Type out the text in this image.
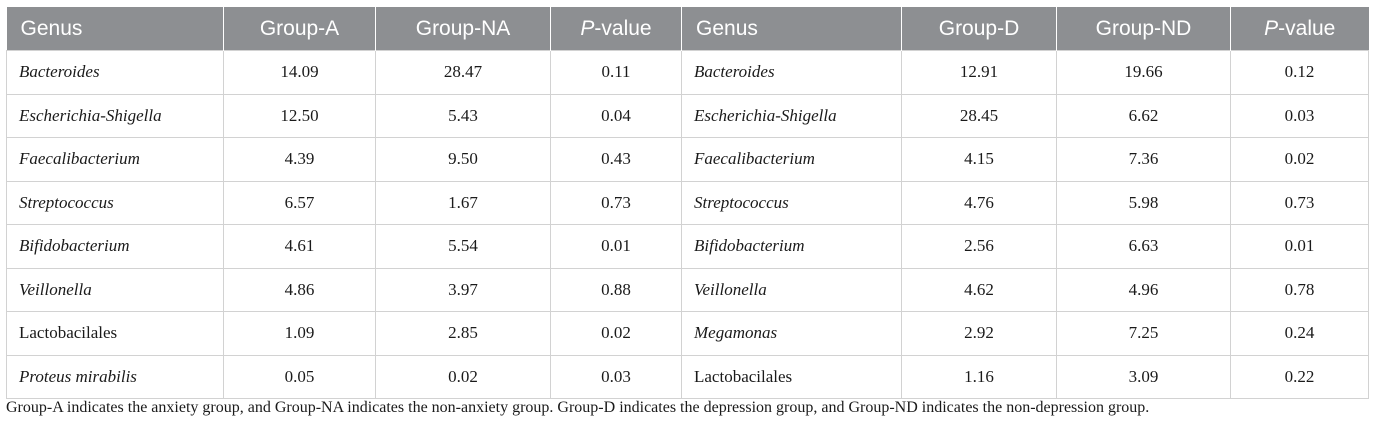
Genus	Group-A	Group-NA	P-value	Genus	Group-D	Group-ND	P-value
Bacteroides	14.09	28.47	0.11	Bacteroides	12.91	19.66	0.12
Escherichia-Shigella	12.50	5.43	0.04	Escherichia-Shigella	28.45	6.62	0.03
Faecalibacterium	4.39	9.50	0.43	Faecalibacterium	4.15	7.36	0.02
Streptococcus	6.57	1.67	0.73	Streptococcus	4.76	5.98	0.73
Bifidobacterium	4.61	5.54	0.01	Bifidobacterium	2.56	6.63	0.01
Veillonella	4.86	3.97	0.88	Veillonella	4.62	4.96	0.78
Lactobacilales	1.09	2.85	0.02	Megamonas	2.92	7.25	0.24
Proteus mirabilis	0.05	0.02	0.03	Lactobacilales	1.16	3.09	0.22
Group-A indicates the anxiety group, and Group-NA indicates the non-anxiety group. Group-D indicates the depression group, and Group-ND indicates the non-depression group.
